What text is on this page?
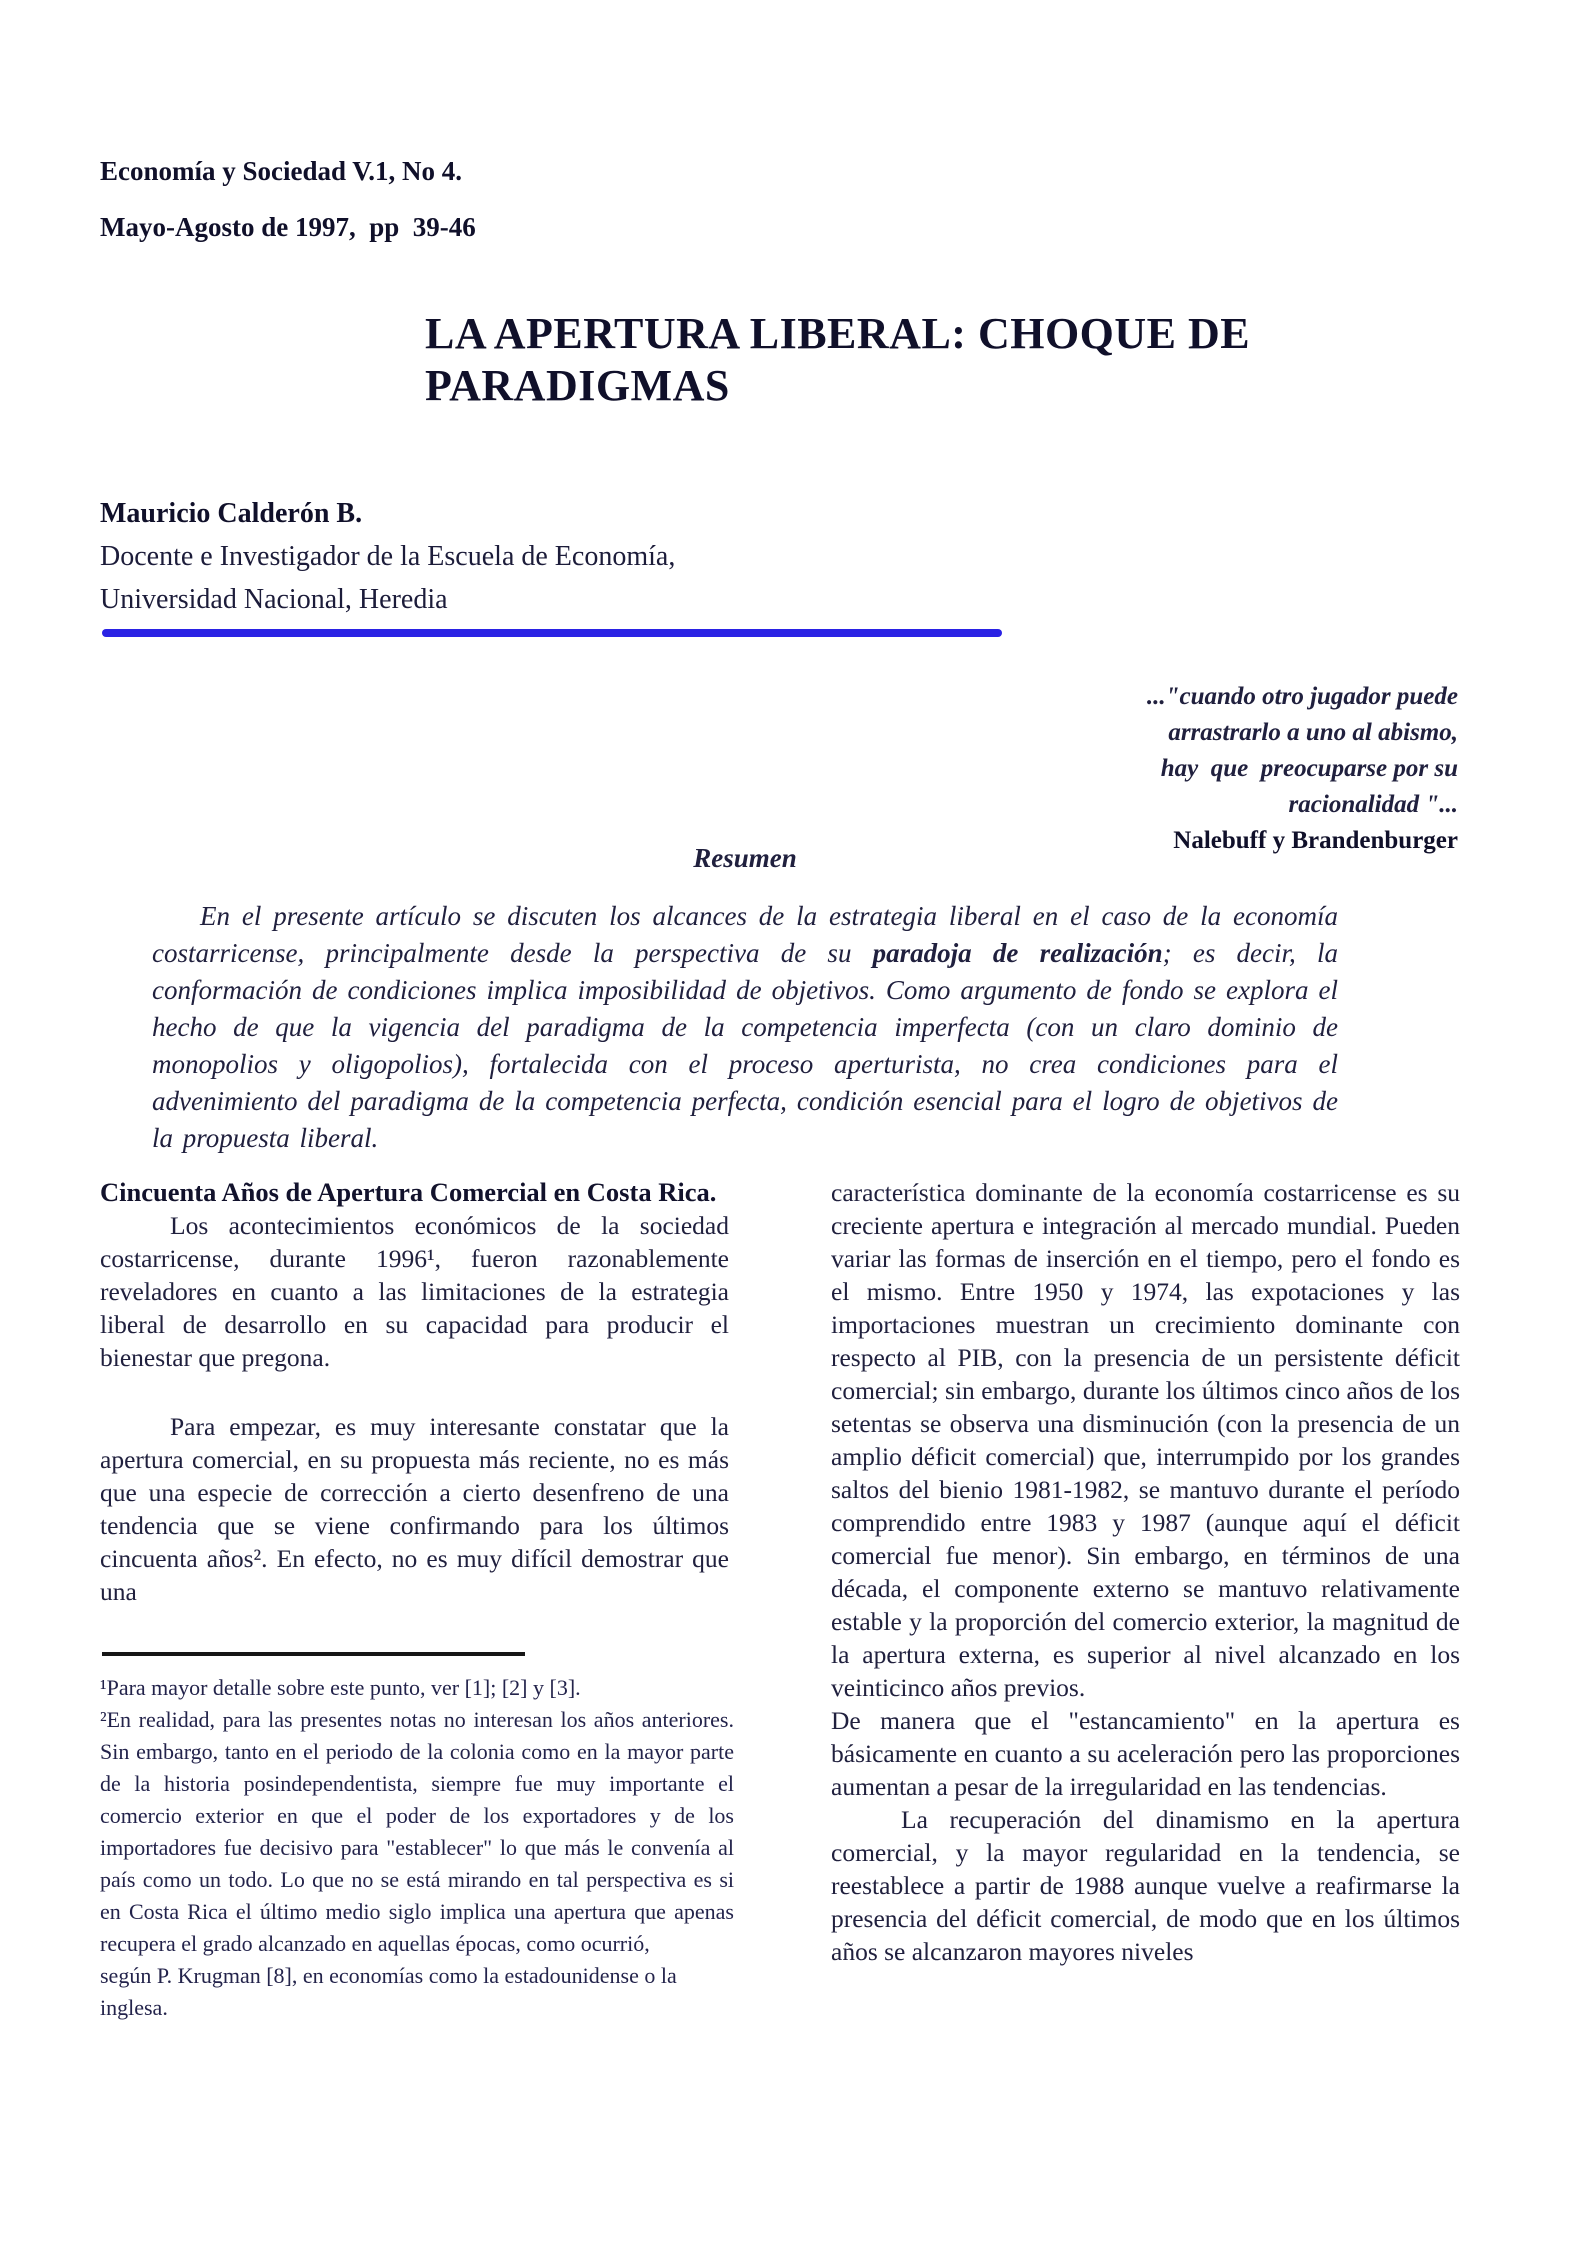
Economía y Sociedad V.1, No 4.
Mayo-Agosto de 1997,  pp  39-46
LA APERTURA LIBERAL: CHOQUE DE
PARADIGMAS
Mauricio Calderón B.
Docente e Investigador de la Escuela de Economía,
Universidad Nacional, Heredia
..."cuando otro jugador puede
arrastrarlo a uno al abismo,
hay  que  preocuparse por su
racionalidad "...
Nalebuff y Brandenburger
Resumen
En el presente artículo se discuten los alcances de la estrategia liberal en el caso de la economía costarricense, principalmente desde la perspectiva de su paradoja de realización; es decir, la conformación de condiciones implica imposibilidad de objetivos. Como argumento de fondo se explora el hecho de que la vigencia del paradigma de la competencia imperfecta (con un claro dominio de monopolios y oligopolios), fortalecida con el proceso aperturista, no crea condiciones para el advenimiento del paradigma de la competencia perfecta, condición esencial para el logro de objetivos de la propuesta liberal.

Cincuenta Años de Apertura Comercial en Costa Rica.

Los acontecimientos económicos de la sociedad costarricense, durante 1996¹, fueron razonablemente reveladores en cuanto a las limitaciones de la estrategia liberal de desarrollo en su capacidad para producir el bienestar que pregona.

Para empezar, es muy interesante constatar que la apertura comercial, en su propuesta más reciente, no es más que una especie de corrección a cierto desenfreno de una tendencia que se viene confirmando para los últimos cincuenta años². En efecto, no es muy difícil demostrar que una

característica dominante de la economía costarricense es su creciente apertura e integración al mercado mundial. Pueden variar las formas de inserción en el tiempo, pero el fondo es el mismo. Entre 1950 y 1974, las expotaciones y las importaciones muestran un crecimiento dominante con respecto al PIB, con la presencia de un persistente déficit comercial; sin embargo, durante los últimos cinco años de los setentas se observa una disminución (con la presencia de un amplio déficit comercial) que, interrumpido por los grandes saltos del bienio 1981-1982, se mantuvo durante el período comprendido entre 1983 y 1987 (aunque aquí el déficit comercial fue menor). Sin embargo, en términos de una década, el componente externo se mantuvo relativamente estable y la proporción del comercio exterior, la magnitud de la apertura externa, es superior al nivel alcanzado en los veinticinco años previos.

De manera que el "estancamiento" en la apertura es básicamente en cuanto a su aceleración pero las proporciones aumentan a pesar de la irregularidad en las tendencias.

La recuperación del dinamismo en la apertura comercial, y la mayor regularidad en la tendencia, se reestablece a partir de 1988 aunque vuelve a reafirmarse la presencia del déficit comercial, de modo que en los últimos años se alcanzaron mayores niveles

¹Para mayor detalle sobre este punto, ver [1]; [2] y [3].

²En realidad, para las presentes notas no interesan los años anteriores. Sin embargo, tanto en el periodo de la colonia como en la mayor parte de la historia posindependentista, siempre fue muy importante el comercio exterior en que el poder de los exportadores y de los importadores fue decisivo para "establecer" lo que más le convenía al país como un todo. Lo que no se está mirando en tal perspectiva es si en Costa Rica el último medio siglo implica una apertura que apenas recupera el grado alcanzado en aquellas épocas, como ocurrió,

según P. Krugman [8], en economías como la estadounidense o la inglesa.
